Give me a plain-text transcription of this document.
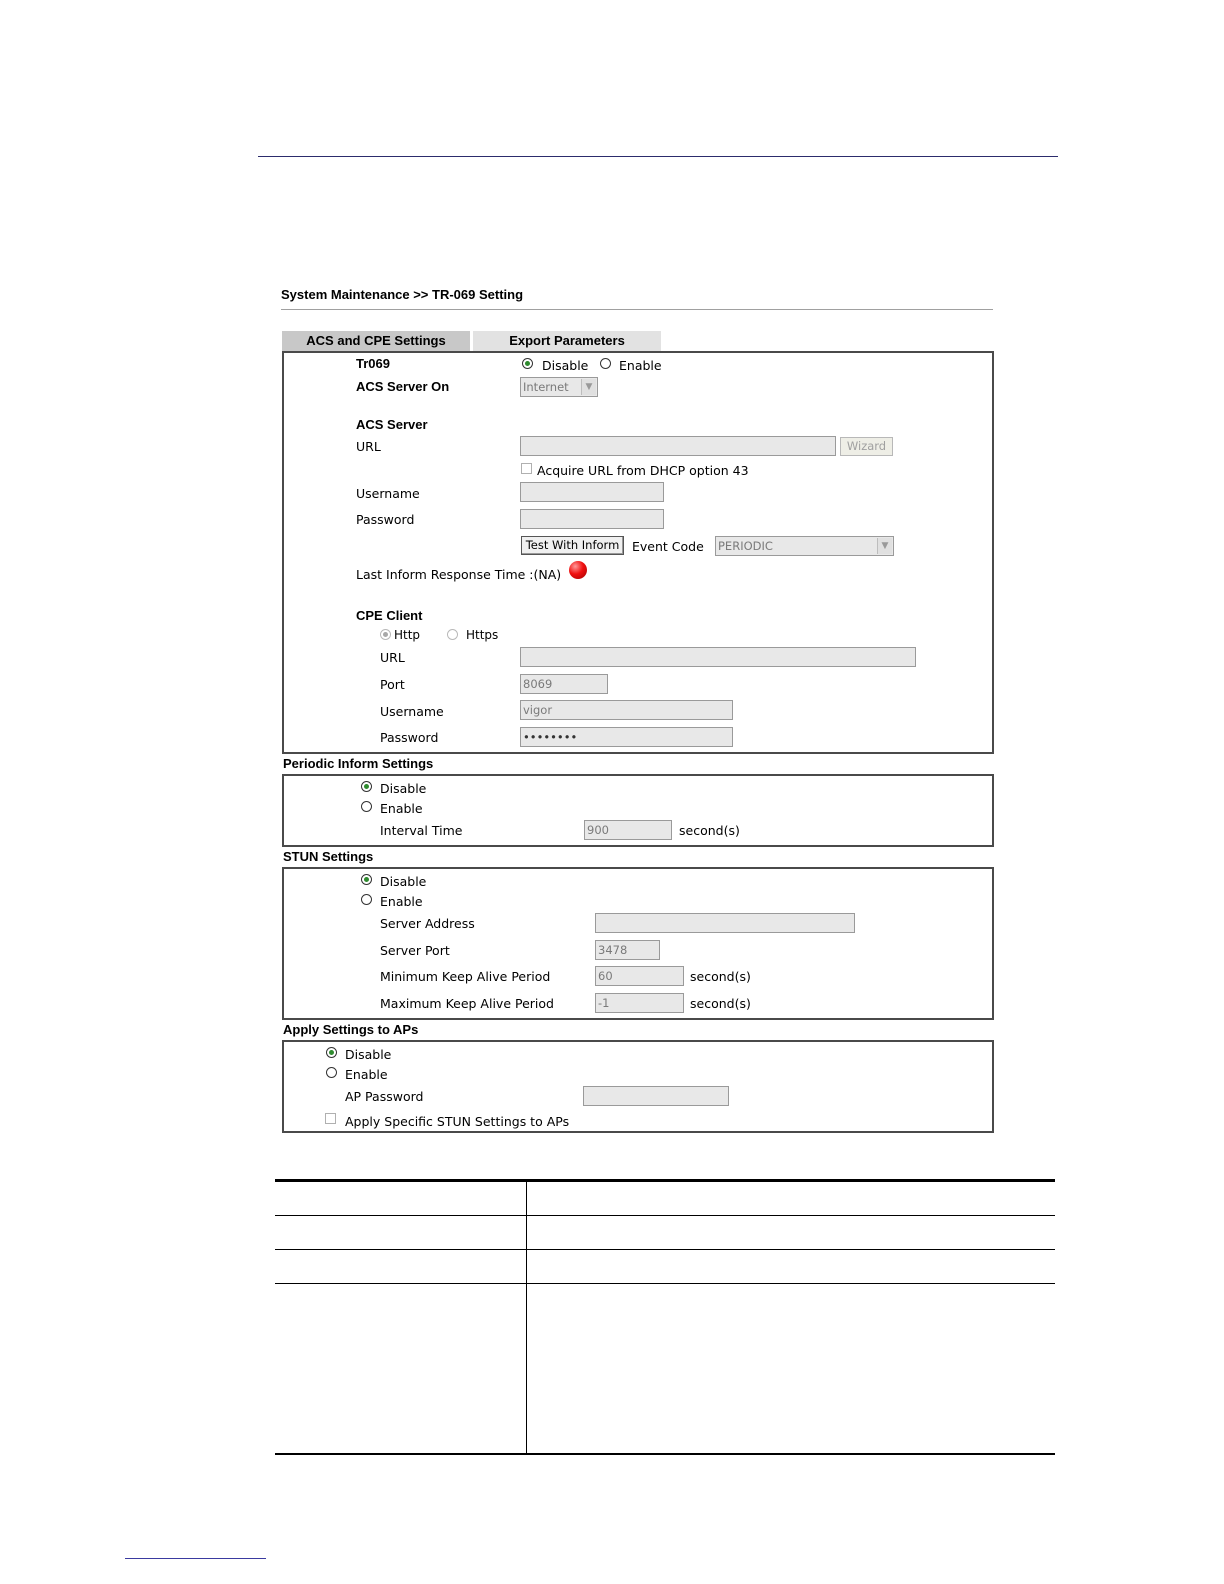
System Maintenance >> TR-069 Setting
ACS and CPE Settings	Export Parameters
Tr069	Disable Enable
ACS Server On	Internet	▼
ACS Server
URL	Wizard
Acquire URL from DHCP option 43
Username
Password
Test With Inform	Event Code PERIODIC	▼
Last Inform Response Time :(NA)
CPE Client
Http	Https
URL
Port	8069
Username	vigor
Password	••••••••
Periodic Inform Settings
Disable
Enable
Interval Time	900	second(s)
STUN Settings
Disable
Enable
Server Address
Server Port	3478
Minimum Keep Alive Period	60	second(s)
Maximum Keep Alive Period	-1	second(s)
Apply Settings to APs
Disable
Enable
AP Password
Apply Specific STUN Settings to APs
